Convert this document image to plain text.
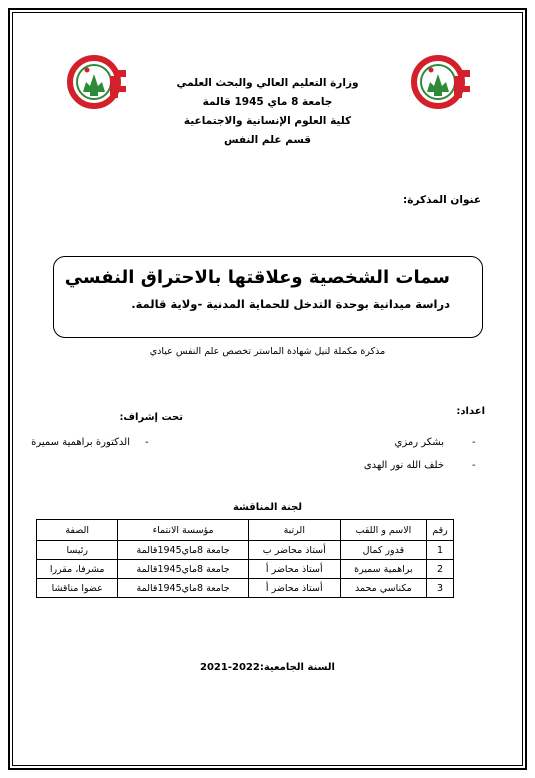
وزارة التعليم العالي والبحث العلمي
جامعة 8 ماي 1945 قالمة
كلية العلوم الإنسانية والاجتماعية
قسم علم النفس
عنوان المذكرة:
سمات الشخصية وعلاقتها بالاحتراق النفسي
دراسة ميدانية بوحدة التدخل للحماية المدنية -ولاية قالمة.
مذكرة مكملة لنيل شهادة الماستر تخصص علم النفس عيادي
تحت إشراف:
-
الدكتورة براهمية سميرة
اعداد:
-
بشكر رمزي
-
خلف الله نور الهدى
لجنة المناقشة
رقم	الاسم و اللقب	الرتبة	مؤسسة الانتماء	الصفة
1	قدور كمال	أستاذ محاضر ب	جامعة 8ماي1945قالمة	رئيسا
2	براهمية سميرة	أستاذ محاضر أ	جامعة 8ماي1945قالمة	مشرفا، مقررا
3	مكناسي محمد	أستاذ محاضر أ	جامعة 8ماي1945قالمة	عضوا مناقشا
السنة الجامعية:2021-2022
